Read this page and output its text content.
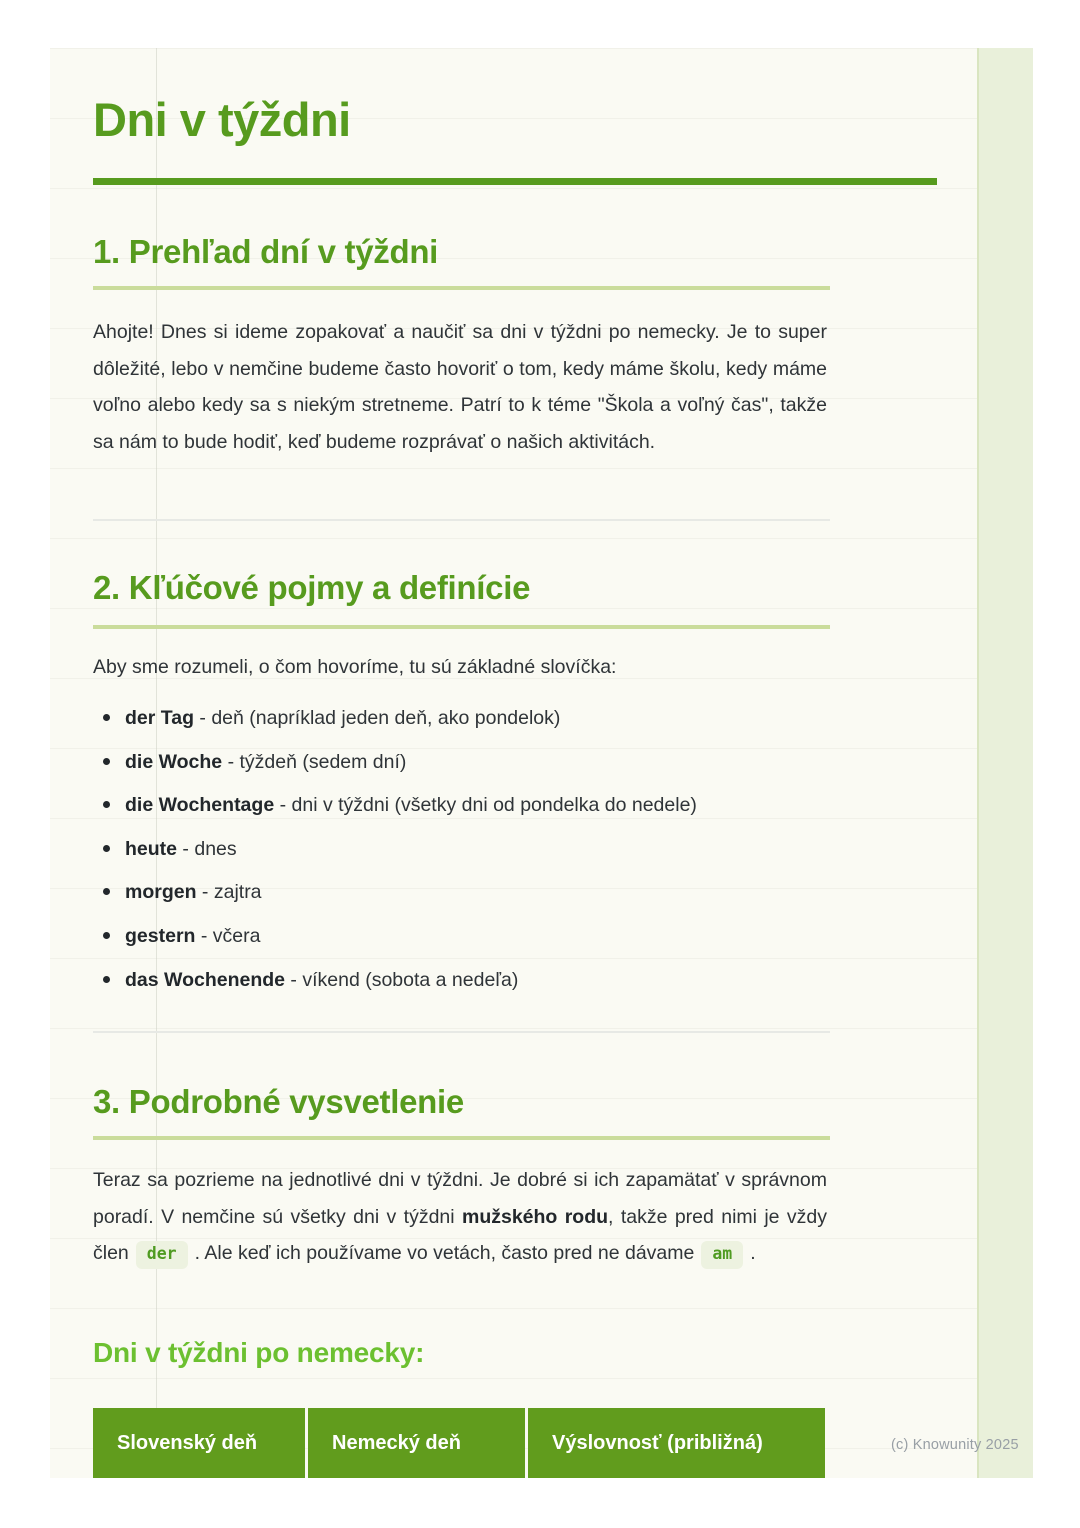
Dni v týždni
1. Prehľad dní v týždni

Ahojte! Dnes si ideme zopakovať a naučiť sa dni v týždni po nemecky. Je to super dôležité, lebo v nemčine budeme často hovoriť o tom, kedy máme školu, kedy máme voľno alebo kedy sa s niekým stretneme. Patrí to k téme "Škola a voľný čas", takže sa nám to bude hodiť, keď budeme rozprávať o našich aktivitách.

2. Kľúčové pojmy a definície

Aby sme rozumeli, o čom hovoríme, tu sú základné slovíčka:

der Tag - deň (napríklad jeden deň, ako pondelok)
die Woche - týždeň (sedem dní)
die Wochentage - dni v týždni (všetky dni od pondelka do nedele)
heute - dnes
morgen - zajtra
gestern - včera
das Wochenende - víkend (sobota a nedeľa)
3. Podrobné vysvetlenie

Teraz sa pozrieme na jednotlivé dni v týždni. Je dobré si ich zapamätať v správnom poradí. V nemčine sú všetky dni v týždni mužského rodu, takže pred nimi je vždy člen der . Ale keď ich používame vo vetách, často pred ne dávame am .

Dni v týždni po nemecky:
Slovenský deň	Nemecký deň	Výslovnosť (približná)	(c) Knowunity 2025
